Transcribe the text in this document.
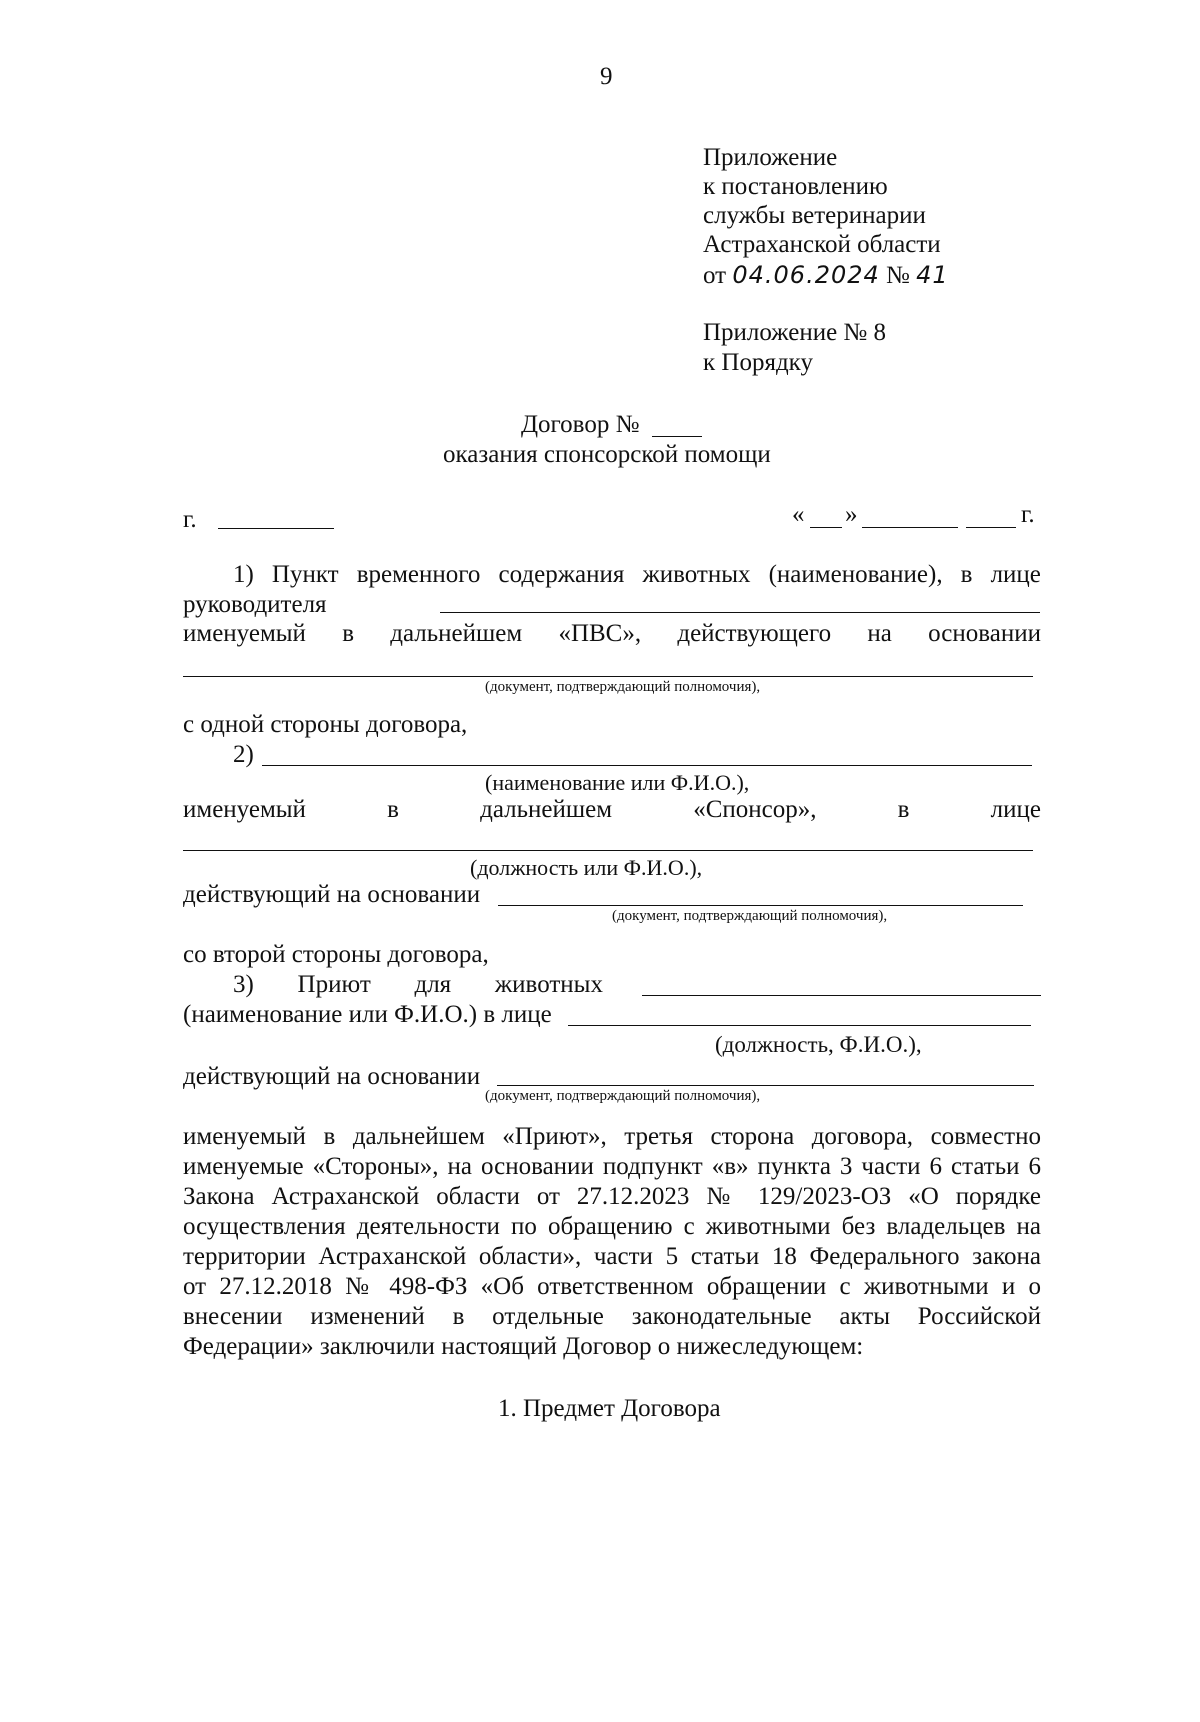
9
Приложение
к постановлению
службы ветеринарии
Астраханской области
от 04.06.2024 № 41
Приложение № 8
к Порядку
Договор №
оказания спонсорской помощи
г.	« »	г.
1) Пункт временного содержания животных (наименование), в лице
руководителя
именуемый в дальнейшем «ПВС», действующего на основании
(документ, подтверждающий полномочия),
с одной стороны договора,
2)
(наименование или Ф.И.О.),
именуемый	в	дальнейшем	«Спонсор»,	в	лице
(должность или Ф.И.О.),
действующий на основании
(документ, подтверждающий полномочия),
со второй стороны договора,
3) Приют для животных
(наименование или Ф.И.О.) в лице
(должность, Ф.И.О.),
действующий на основании
(документ, подтверждающий полномочия),
именуемый в дальнейшем «Приют», третья сторона договора, совместно
именуемые «Стороны», на основании подпункт «в» пункта 3 части 6 статьи 6
Закона Астраханской области от 27.12.2023 № 129/2023-ОЗ «О порядке
осуществления деятельности по обращению с животными без владельцев на
территории Астраханской области», части 5 статьи 18 Федерального закона
от 27.12.2018 № 498-ФЗ «Об ответственном обращении с животными и о
внесении изменений в отдельные законодательные акты Российской
Федерации» заключили настоящий Договор о нижеследующем:
1. Предмет Договора
